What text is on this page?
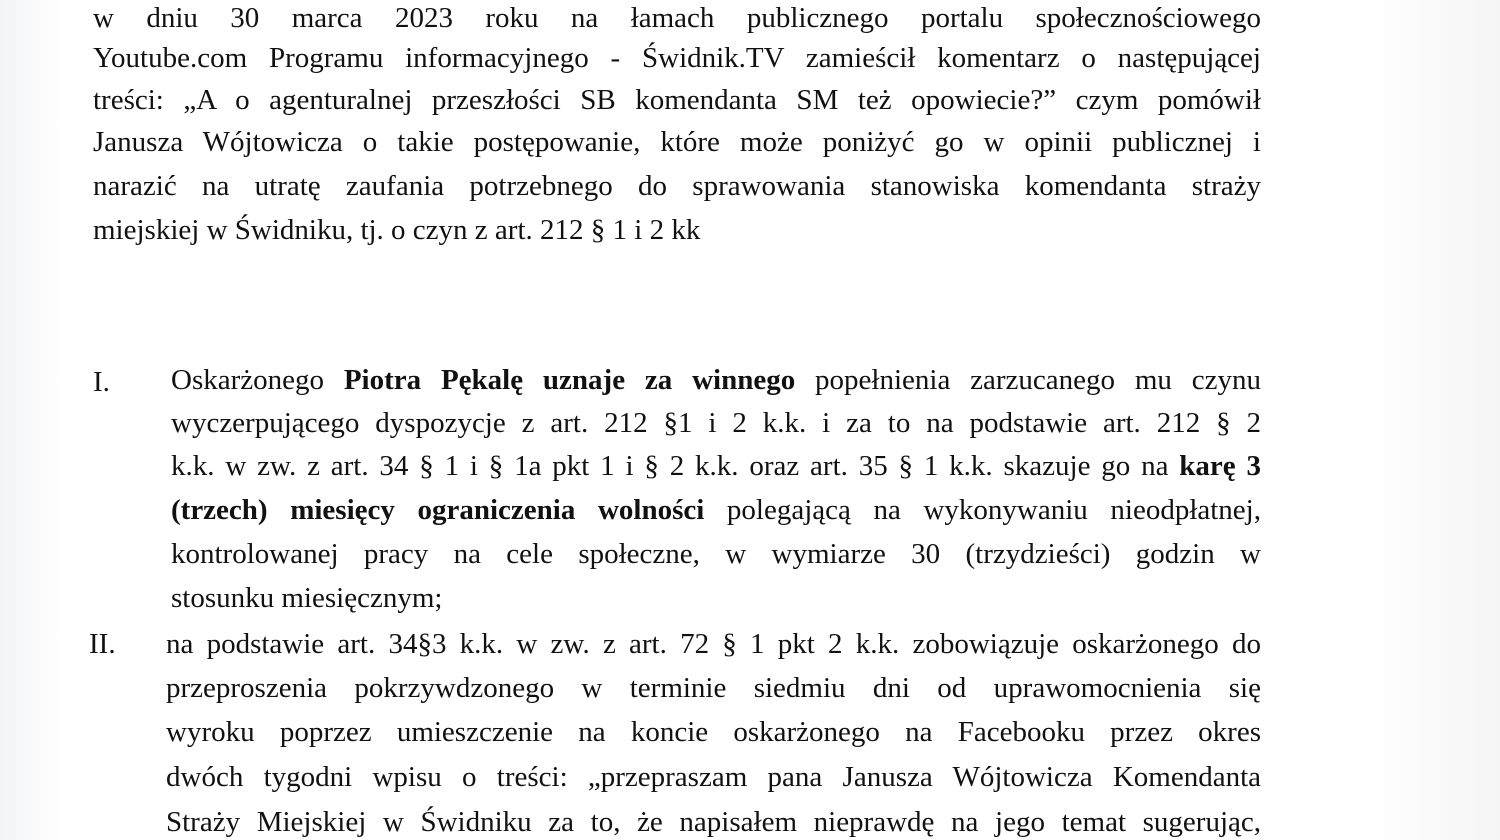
w dniu 30 marca 2023 roku na łamach publicznego portalu społecznościowego
Youtube.com Programu informacyjnego - Świdnik.TV zamieścił komentarz o następującej
treści: „A o agenturalnej przeszłości SB komendanta SM też opowiecie?” czym pomówił
Janusza Wójtowicza o takie postępowanie, które może poniżyć go w opinii publicznej i
narazić na utratę zaufania potrzebnego do sprawowania stanowiska komendanta straży
miejskiej w Świdniku, tj. o czyn z art. 212 § 1 i 2 kk
I. Oskarżonego Piotra Pękalę uznaje za winnego popełnienia zarzucanego mu czynu
wyczerpującego dyspozycje z art. 212 §1 i 2 k.k. i za to na podstawie art. 212 § 2
k.k. w zw. z art. 34 § 1 i § 1a pkt 1 i § 2 k.k. oraz art. 35 § 1 k.k. skazuje go na karę 3
(trzech) miesięcy ograniczenia wolności polegającą na wykonywaniu nieodpłatnej,
kontrolowanej pracy na cele społeczne, w wymiarze 30 (trzydzieści) godzin w
stosunku miesięcznym;
II. na podstawie art. 34§3 k.k. w zw. z art. 72 § 1 pkt 2 k.k. zobowiązuje oskarżonego do
przeproszenia pokrzywdzonego w terminie siedmiu dni od uprawomocnienia się
wyroku poprzez umieszczenie na koncie oskarżonego na Facebooku przez okres
dwóch tygodni wpisu o treści: „przepraszam pana Janusza Wójtowicza Komendanta
Straży Miejskiej w Świdniku za to, że napisałem nieprawdę na jego temat sugerując,
